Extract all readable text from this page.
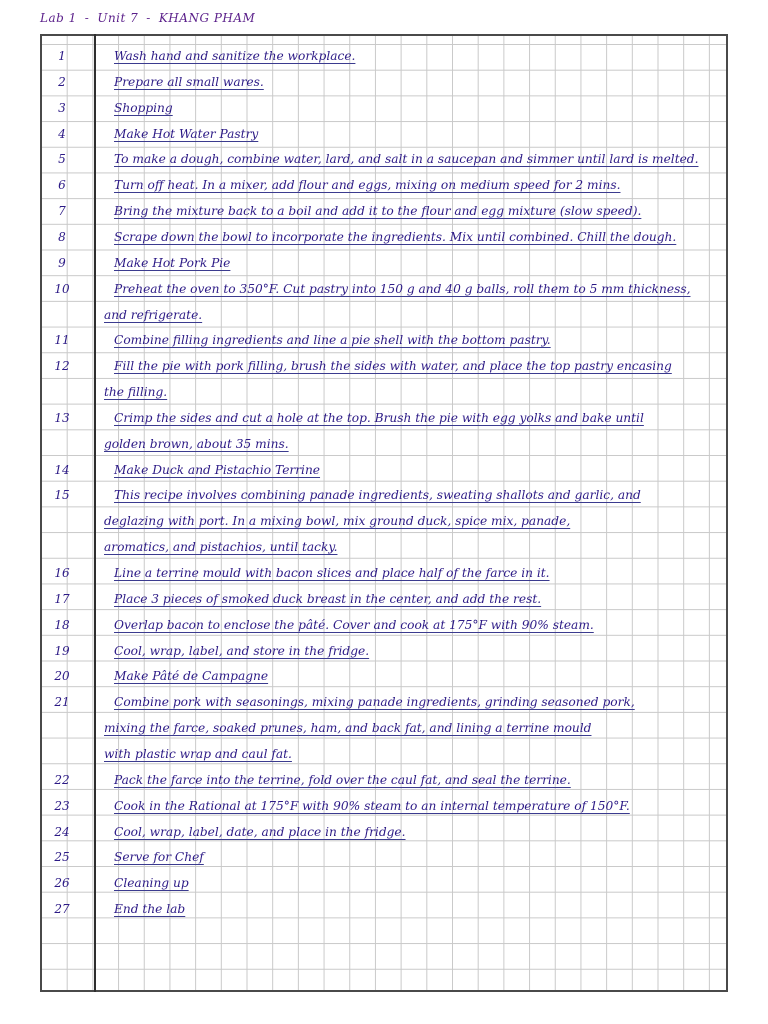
Lab 1 - Unit 7 - KHANG PHAM
1	Wash hand and sanitize the workplace.
2	Prepare all small wares.
3	Shopping
4	Make Hot Water Pastry
5	To make a dough, combine water, lard, and salt in a saucepan and simmer until lard is melted.
6	Turn off heat. In a mixer, add flour and eggs, mixing on medium speed for 2 mins.
7	Bring the mixture back to a boil and add it to the flour and egg mixture (slow speed).
8	Scrape down the bowl to incorporate the ingredients. Mix until combined. Chill the dough.
9	Make Hot Pork Pie
10	Preheat the oven to 350°F. Cut pastry into 150 g and 40 g balls, roll them to 5 mm thickness,
and refrigerate.
11	Combine filling ingredients and line a pie shell with the bottom pastry.
12	Fill the pie with pork filling, brush the sides with water, and place the top pastry encasing
the filling.
13	Crimp the sides and cut a hole at the top. Brush the pie with egg yolks and bake until
golden brown, about 35 mins.
14	Make Duck and Pistachio Terrine
15	This recipe involves combining panade ingredients, sweating shallots and garlic, and
deglazing with port. In a mixing bowl, mix ground duck, spice mix, panade,
aromatics, and pistachios, until tacky.
16	Line a terrine mould with bacon slices and place half of the farce in it.
17	Place 3 pieces of smoked duck breast in the center, and add the rest.
18	Overlap bacon to enclose the pâté. Cover and cook at 175°F with 90% steam.
19	Cool, wrap, label, and store in the fridge.
20	Make Pâté de Campagne
21	Combine pork with seasonings, mixing panade ingredients, grinding seasoned pork,
mixing the farce, soaked prunes, ham, and back fat, and lining a terrine mould
with plastic wrap and caul fat.
22	Pack the farce into the terrine, fold over the caul fat, and seal the terrine.
23	Cook in the Rational at 175°F with 90% steam to an internal temperature of 150°F.
24	Cool, wrap, label, date, and place in the fridge.
25	Serve for Chef
26	Cleaning up
27	End the lab
